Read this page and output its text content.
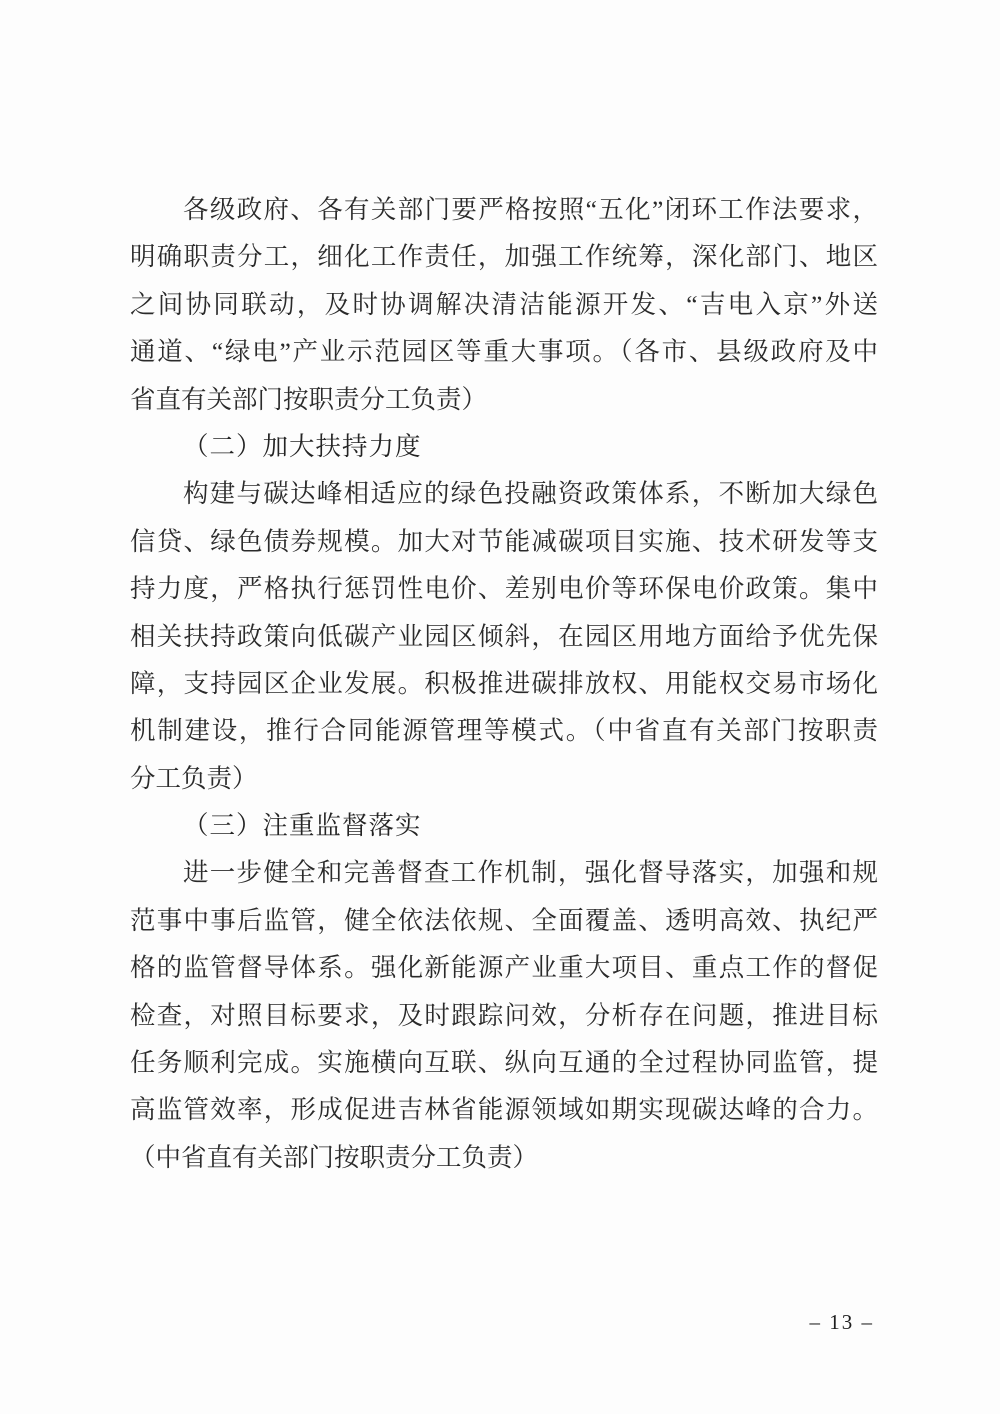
各级政府、各有关部门要严格按照“五化”闭环工作法要求，
明确职责分工，细化工作责任，加强工作统筹，深化部门、地区
之间协同联动，及时协调解决清洁能源开发、“吉电入京”外送
通道、“绿电”产业示范园区等重大事项。（各市、县级政府及中
省直有关部门按职责分工负责）
（二）加大扶持力度
构建与碳达峰相适应的绿色投融资政策体系，不断加大绿色
信贷、绿色债券规模。加大对节能减碳项目实施、技术研发等支
持力度，严格执行惩罚性电价、差别电价等环保电价政策。集中
相关扶持政策向低碳产业园区倾斜，在园区用地方面给予优先保
障，支持园区企业发展。积极推进碳排放权、用能权交易市场化
机制建设，推行合同能源管理等模式。（中省直有关部门按职责
分工负责）
（三）注重监督落实
进一步健全和完善督查工作机制，强化督导落实，加强和规
范事中事后监管，健全依法依规、全面覆盖、透明高效、执纪严
格的监管督导体系。强化新能源产业重大项目、重点工作的督促
检查，对照目标要求，及时跟踪问效，分析存在问题，推进目标
任务顺利完成。实施横向互联、纵向互通的全过程协同监管，提
高监管效率，形成促进吉林省能源领域如期实现碳达峰的合力。
（中省直有关部门按职责分工负责）
– 13 –
